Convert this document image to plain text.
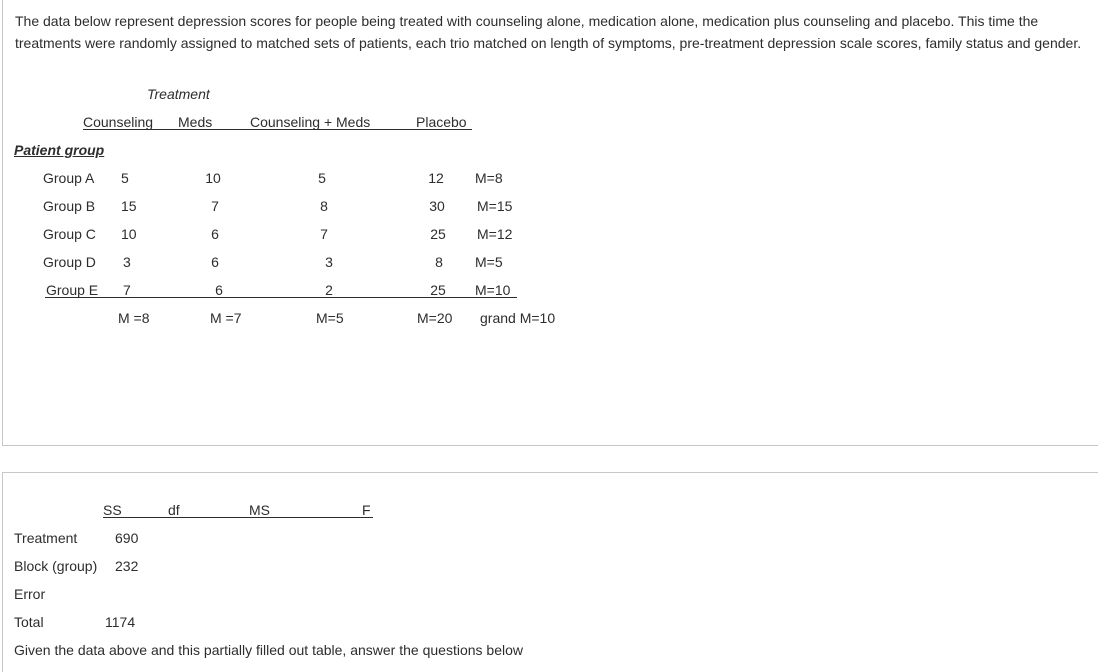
The data below represent depression scores for people being treated with counseling alone, medication alone, medication plus counseling and placebo. This time the treatments were randomly assigned to matched sets of patients, each trio matched on length of symptoms, pre-treatment depression scale scores, family status and gender.
Treatment
Counseling Meds	Counseling + Meds	Placebo
Patient group
Group A 5	10	5	12 M=8
Group B 15	7	8	30 M=15
Group C 10	6	7	25 M=12
Group D 3	6	3	8 M=5
Group E 7	6	2	25 M=10
M =8	M =7	M=5	M=20 grand M=10
SS	df	MS	F
Treatment	690
Block (group) 232
Error
Total	1174
Given the data above and this partially filled out table, answer the questions below
